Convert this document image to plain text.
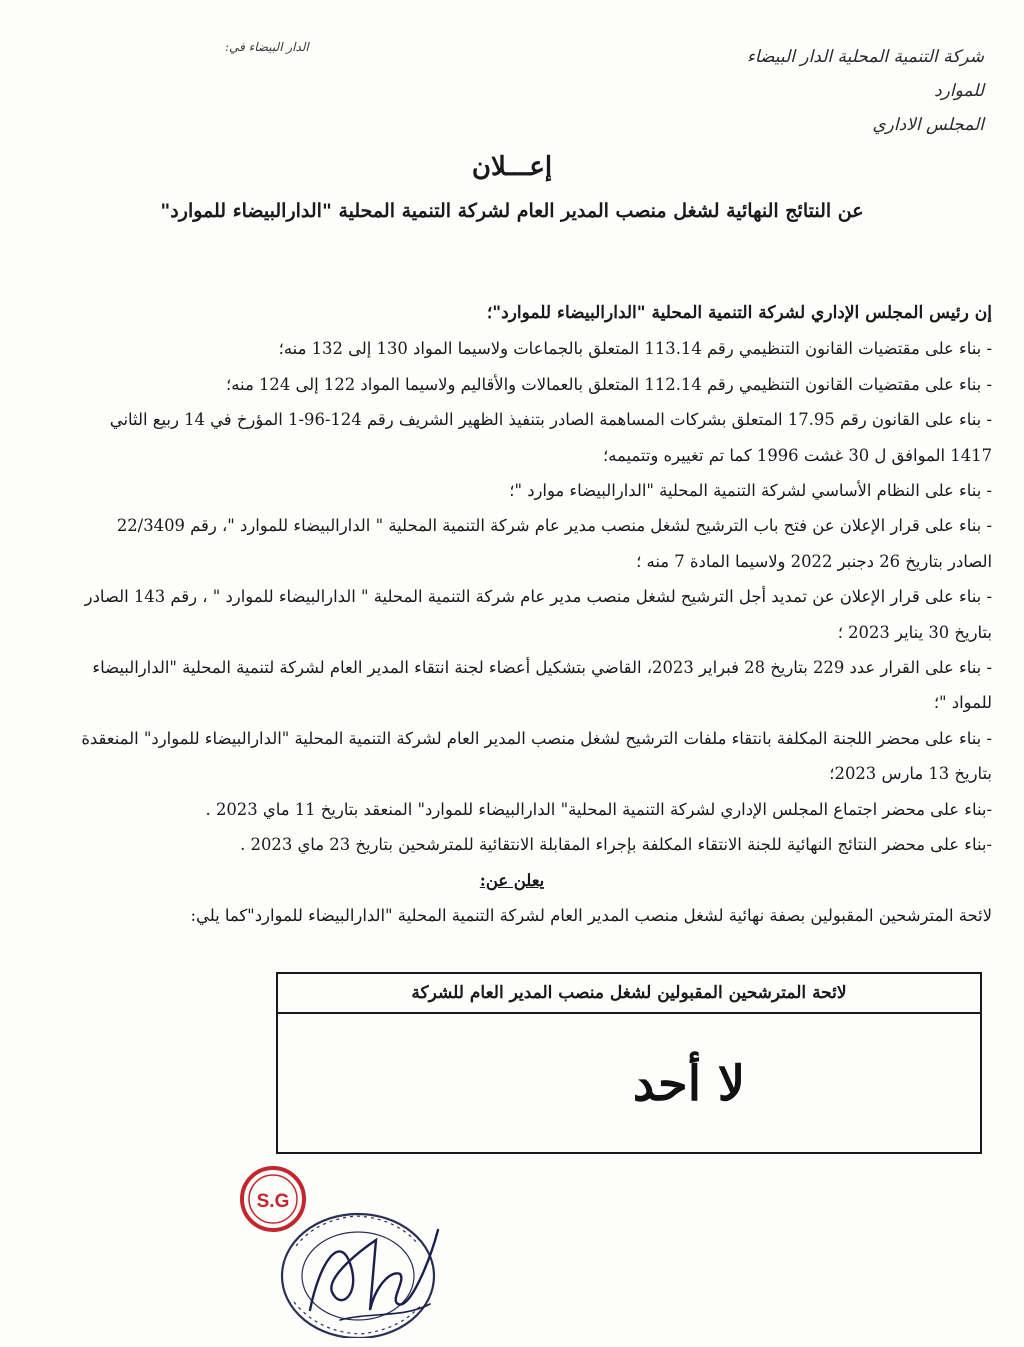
شركة التنمية المحلية الدار البيضاء
للموارد
المجلس الاداري
الدار البيضاء في:
إعـــلان
عن النتائج النهائية لشغل منصب المدير العام لشركة التنمية المحلية "الدارالبيضاء للموارد"

إن رئيس المجلس الإداري لشركة التنمية المحلية "الدارالبيضاء للموارد"؛

- بناء على مقتضيات القانون التنظيمي رقم 113.14 المتعلق بالجماعات ولاسيما المواد 130 إلى 132 منه؛

- بناء على مقتضيات القانون التنظيمي رقم 112.14 المتعلق بالعمالات والأقاليم ولاسيما المواد 122 إلى 124 منه؛

- بناء على القانون رقم 17.95 المتعلق بشركات المساهمة الصادر بتنفيذ الظهير الشريف رقم 124-96-1 المؤرخ في 14 ربيع الثاني 1417 الموافق ل 30 غشت 1996 كما تم تغييره وتتميمه؛

- بناء على النظام الأساسي لشركة التنمية المحلية "الدارالبيضاء موارد "؛

- بناء على قرار الإعلان عن فتح باب الترشيح لشغل منصب مدير عام شركة التنمية المحلية " الدارالبيضاء للموارد "، رقم 22/3409 الصادر بتاريخ 26 دجنبر 2022 ولاسيما المادة 7 منه ؛

- بناء على قرار الإعلان عن تمديد أجل الترشيح لشغل منصب مدير عام شركة التنمية المحلية " الدارالبيضاء للموارد " ، رقم 143 الصادر بتاريخ 30 يناير 2023 ؛

- بناء على القرار عدد 229 بتاريخ 28 فبراير 2023، القاضي بتشكيل أعضاء لجنة انتقاء المدير العام لشركة لتنمية المحلية "الدارالبيضاء للمواد "؛

- بناء على محضر اللجنة المكلفة بانتقاء ملفات الترشيح لشغل منصب المدير العام لشركة التنمية المحلية "الدارالبيضاء للموارد" المنعقدة بتاريخ 13 مارس 2023؛

-بناء على محضر اجتماع المجلس الإداري لشركة التنمية المحلية" الدارالبيضاء للموارد" المنعقد بتاريخ 11 ماي 2023 .

-بناء على محضر النتائج النهائية للجنة الانتقاء المكلفة بإجراء المقابلة الانتقائية للمترشحين بتاريخ 23 ماي 2023 .

يعلن عن:

لائحة المترشحين المقبولين بصفة نهائية لشغل منصب المدير العام لشركة التنمية المحلية "الدارالبيضاء للموارد"كما يلي:

لائحة المترشحين المقبولين لشغل منصب المدير العام للشركة
لا أحد
S.G
